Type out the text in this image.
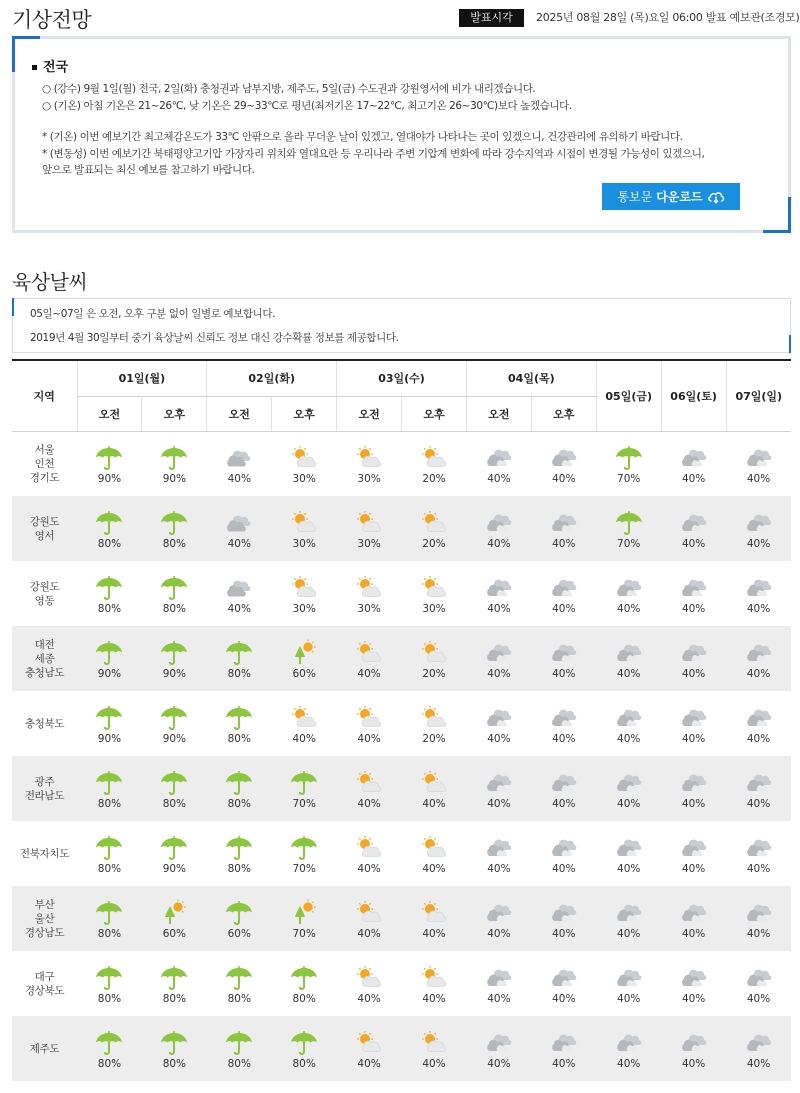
기상전망	발표시각	2025년 08월 28일 (목)요일 06:00 발표 예보관(조경모)
전국
○ (강수) 9월 1일(월) 전국, 2일(화) 충청권과 남부지방, 제주도, 5일(금) 수도권과 강원영서에 비가 내리겠습니다.
○ (기온) 아침 기온은 21~26℃, 낮 기온은 29~33℃로 평년(최저기온 17~22℃, 최고기온 26~30℃)보다 높겠습니다.
* (기온) 이번 예보기간 최고체감온도가 33℃ 안팎으로 올라 무더운 날이 있겠고, 열대야가 나타나는 곳이 있겠으니, 건강관리에 유의하기 바랍니다.
* (변동성) 이번 예보기간 북태평양고기압 가장자리 위치와 열대요란 등 우리나라 주변 기압계 변화에 따라 강수지역과 시점이 변경될 가능성이 있겠으니,
앞으로 발표되는 최신 예보를 참고하기 바랍니다.
통보문 다운로드
육상날씨
05일~07일 은 오전, 오후 구분 없이 일별로 예보합니다.
2019년 4월 30일부터 중기 육상날씨 신뢰도 정보 대신 강수확률 정보를 제공합니다.
지역	01일(월)		02일(화)		03일(수)		04일(목)		05일(금)	06일(토)	07일(일)
	오전	오후	오전	오후	오전	오후	오전	오후			

서울
인천
경기도	90%	90%	40%	30%	30%	20%	40%	40%	70%	40%	40%

강원도
영서	80%	80%	40%	30%	30%	20%	40%	40%	70%	40%	40%

강원도
영동	80%	80%	40%	30%	30%	30%	40%	40%	40%	40%	40%

대전
세종
충청남도	90%	90%	80%	60%	40%	20%	40%	40%	40%	40%	40%

충청북도	90%	90%	80%	40%	40%	20%	40%	40%	40%	40%	40%

광주
전라남도	80%	80%	80%	70%	40%	40%	40%	40%	40%	40%	40%

전북자치도	80%	90%	80%	70%	40%	40%	40%	40%	40%	40%	40%

부산
울산
경상남도	80%	60%	60%	70%	40%	40%	40%	40%	40%	40%	40%

대구
경상북도	80%	80%	80%	80%	40%	40%	40%	40%	40%	40%	40%

제주도	80%	80%	80%	80%	40%	40%	40%	40%	40%	40%	40%
